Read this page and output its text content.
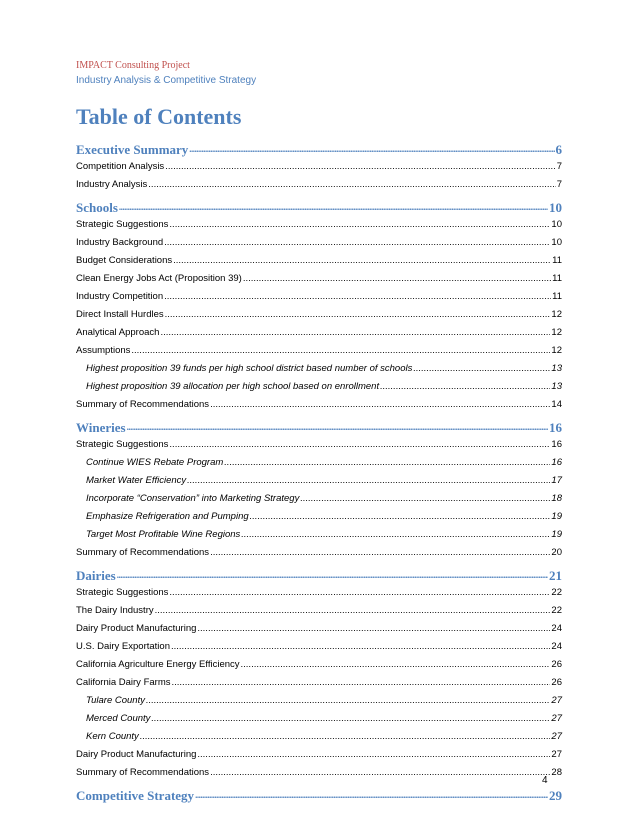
IMPACT Consulting Project
Industry Analysis & Competitive Strategy
Table of Contents
Executive Summary .....	6
Competition Analysis .....	7
Industry Analysis .....	7
Schools .....	10
Strategic Suggestions .....	10
Industry Background .....	10
Budget Considerations .....	11
Clean Energy Jobs Act (Proposition 39) .....	11
Industry Competition .....	11
Direct Install Hurdles .....	12
Analytical Approach .....	12
Assumptions .....	12
Highest proposition 39 funds per high school district based number of schools .....	13
Highest proposition 39 allocation per high school based on enrollment .....	13
Summary of Recommendations .....	14
Wineries .....	16
Strategic Suggestions .....	16
Continue WIES Rebate Program .....	16
Market Water Efficiency .....	17
Incorporate “Conservation” into Marketing Strategy .....	18
Emphasize Refrigeration and Pumping .....	19
Target Most Profitable Wine Regions .....	19
Summary of Recommendations .....	20
Dairies .....	21
Strategic Suggestions .....	22
The Dairy Industry .....	22
Dairy Product Manufacturing .....	24
U.S. Dairy Exportation .....	24
California Agriculture Energy Efficiency .....	26
California Dairy Farms .....	26
Tulare County .....	27
Merced County .....	27
Kern County .....	27
Dairy Product Manufacturing .....	27
Summary of Recommendations .....	28
Competitive Strategy .....	29
4
